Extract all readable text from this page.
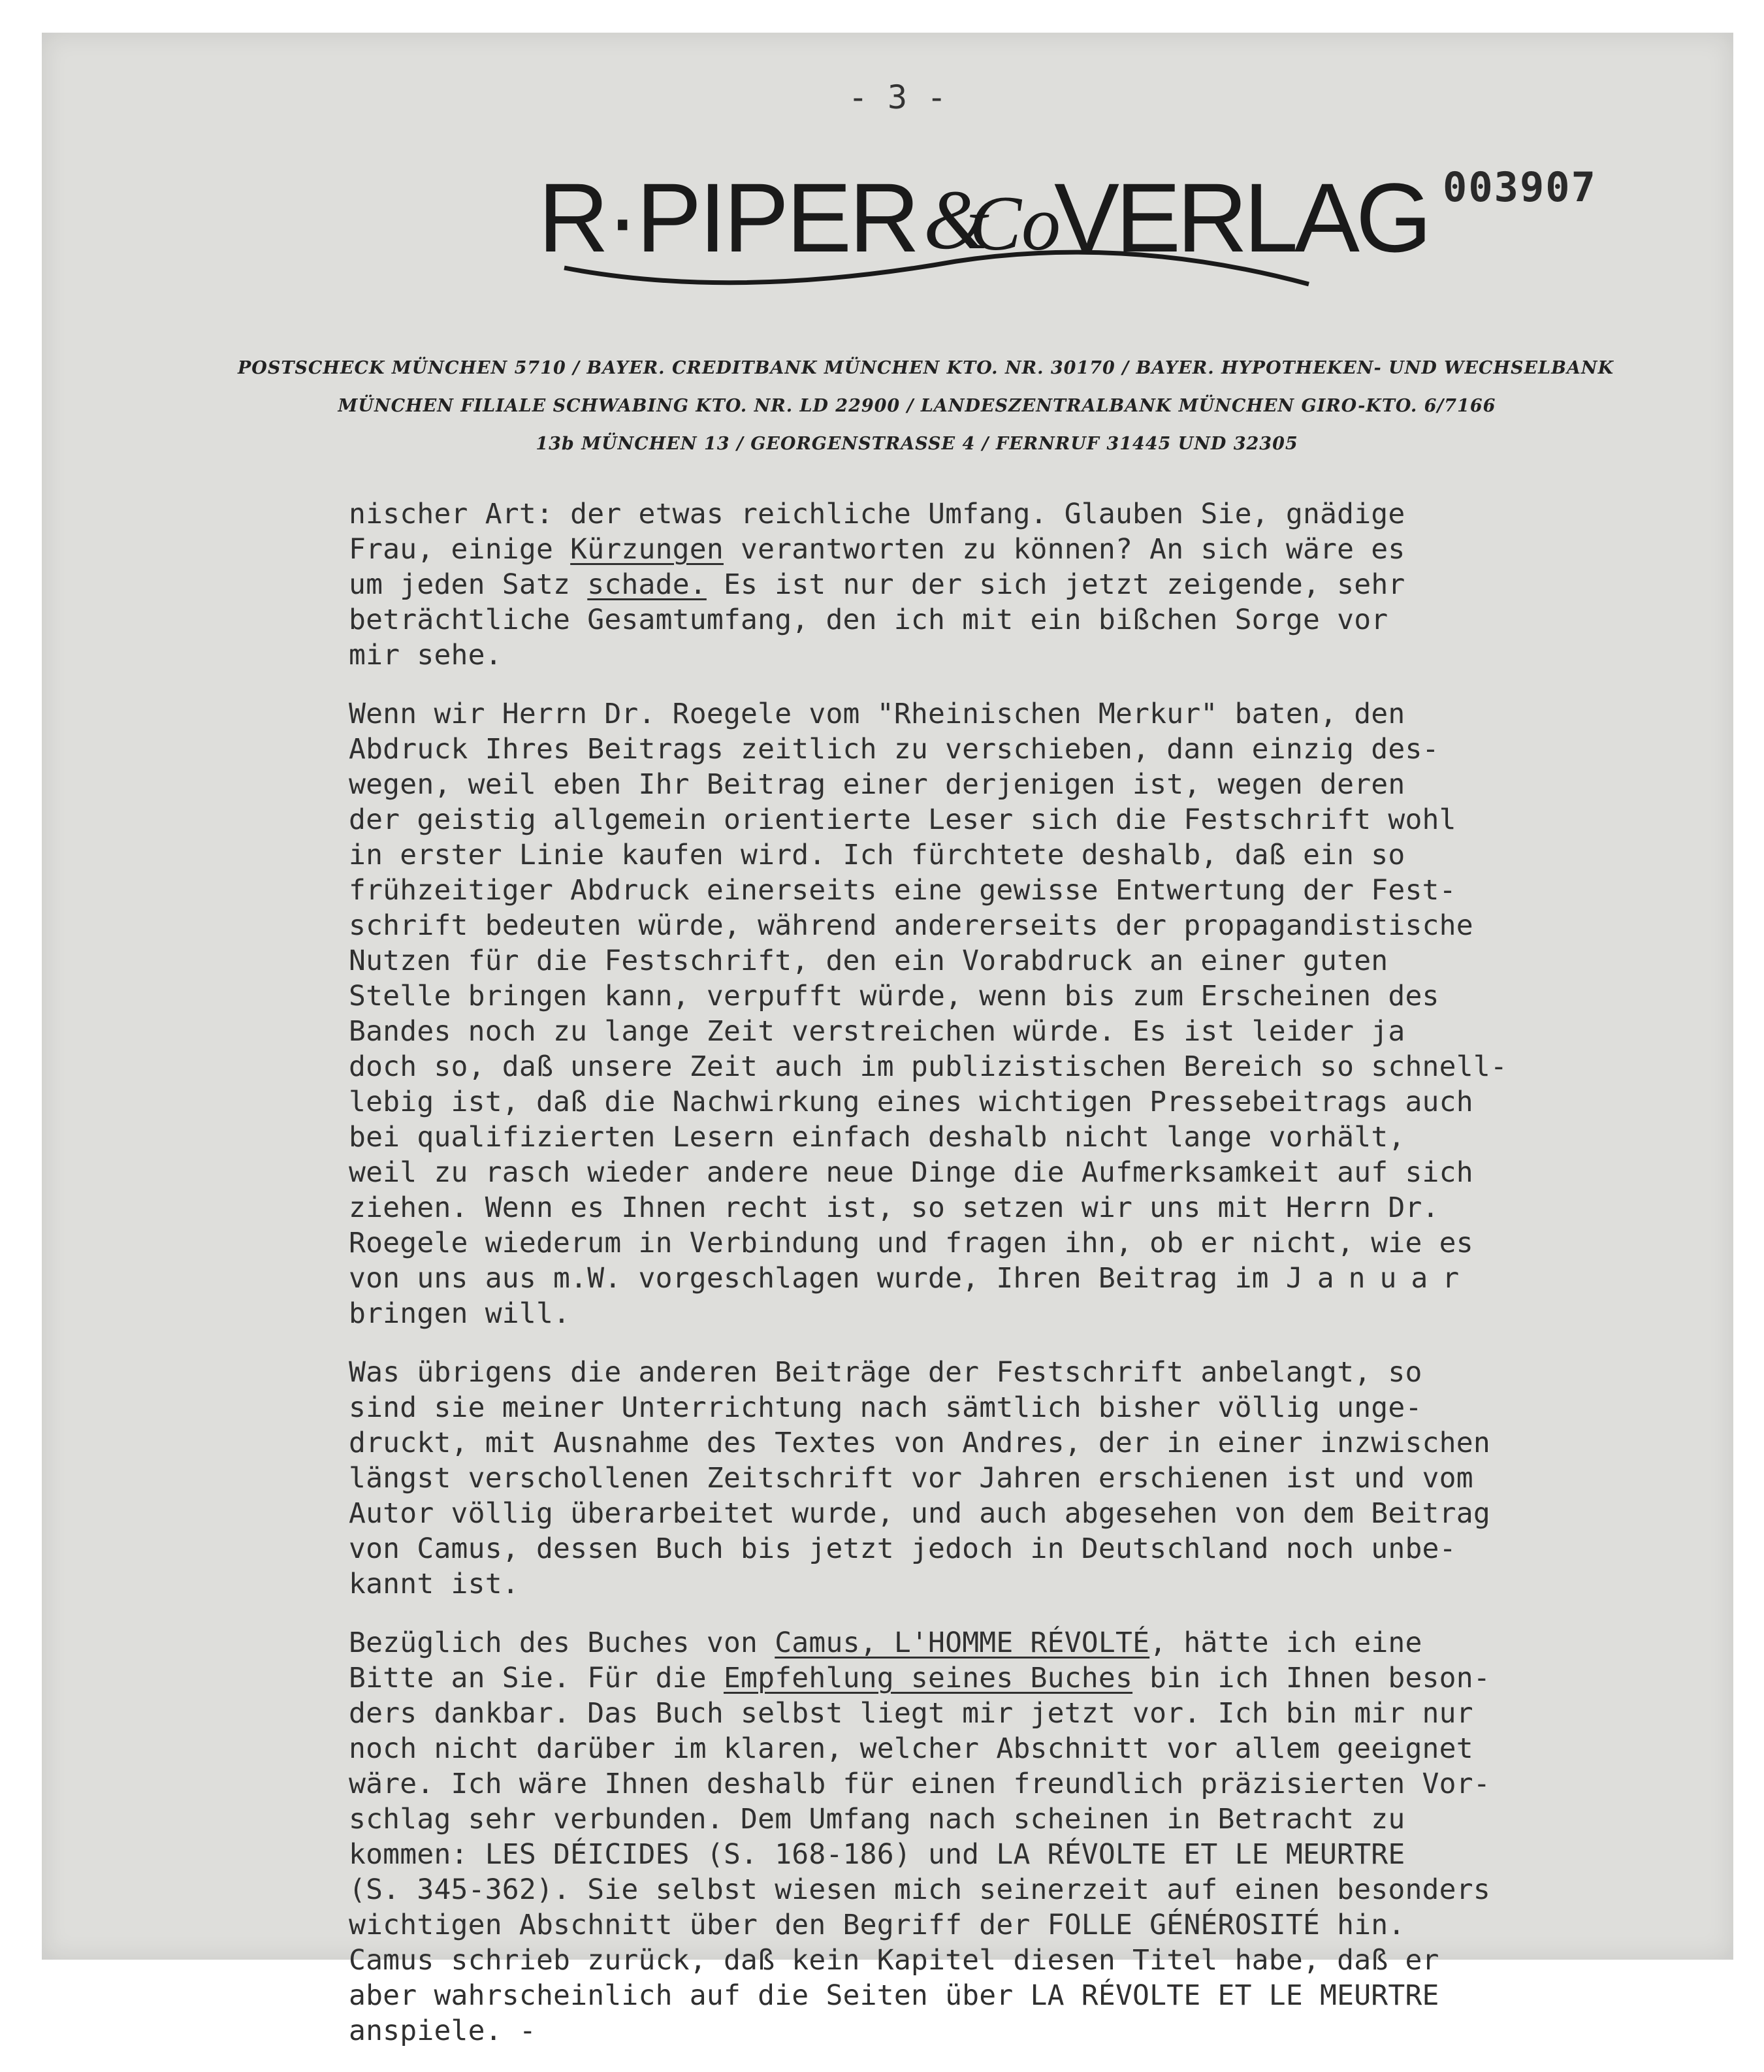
- 3 -
R·PIPER &
Co
VERLAG 003907
POSTSCHECK MÜNCHEN 5710 / BAYER. CREDITBANK MÜNCHEN KTO. NR. 30170 / BAYER. HYPOTHEKEN- UND WECHSELBANK
MÜNCHEN FILIALE SCHWABING KTO. NR. LD 22900 / LANDESZENTRALBANK MÜNCHEN GIRO-KTO. 6/7166
13b MÜNCHEN 13 / GEORGENSTRASSE 4 / FERNRUF 31445 UND 32305
nischer Art: der etwas reichliche Umfang. Glauben Sie, gnädige
Frau, einige Kürzungen verantworten zu können? An sich wäre es
um jeden Satz schade. Es ist nur der sich jetzt zeigende, sehr
beträchtliche Gesamtumfang, den ich mit ein bißchen Sorge vor
mir sehe.
Wenn wir Herrn Dr. Roegele vom "Rheinischen Merkur" baten, den
Abdruck Ihres Beitrags zeitlich zu verschieben, dann einzig des-
wegen, weil eben Ihr Beitrag einer derjenigen ist, wegen deren
der geistig allgemein orientierte Leser sich die Festschrift wohl
in erster Linie kaufen wird. Ich fürchtete deshalb, daß ein so
frühzeitiger Abdruck einerseits eine gewisse Entwertung der Fest-
schrift bedeuten würde, während andererseits der propagandistische
Nutzen für die Festschrift, den ein Vorabdruck an einer guten
Stelle bringen kann, verpufft würde, wenn bis zum Erscheinen des
Bandes noch zu lange Zeit verstreichen würde. Es ist leider ja
doch so, daß unsere Zeit auch im publizistischen Bereich so schnell-
lebig ist, daß die Nachwirkung eines wichtigen Pressebeitrags auch
bei qualifizierten Lesern einfach deshalb nicht lange vorhält,
weil zu rasch wieder andere neue Dinge die Aufmerksamkeit auf sich
ziehen. Wenn es Ihnen recht ist, so setzen wir uns mit Herrn Dr.
Roegele wiederum in Verbindung und fragen ihn, ob er nicht, wie es
von uns aus m.W. vorgeschlagen wurde, Ihren Beitrag im Januar
bringen will.
Was übrigens die anderen Beiträge der Festschrift anbelangt, so
sind sie meiner Unterrichtung nach sämtlich bisher völlig unge-
druckt, mit Ausnahme des Textes von Andres, der in einer inzwischen
längst verschollenen Zeitschrift vor Jahren erschienen ist und vom
Autor völlig überarbeitet wurde, und auch abgesehen von dem Beitrag
von Camus, dessen Buch bis jetzt jedoch in Deutschland noch unbe-
kannt ist.
Bezüglich des Buches von Camus, L'HOMME RÉVOLTÉ, hätte ich eine
Bitte an Sie. Für die Empfehlung seines Buches bin ich Ihnen beson-
ders dankbar. Das Buch selbst liegt mir jetzt vor. Ich bin mir nur
noch nicht darüber im klaren, welcher Abschnitt vor allem geeignet
wäre. Ich wäre Ihnen deshalb für einen freundlich präzisierten Vor-
schlag sehr verbunden. Dem Umfang nach scheinen in Betracht zu
kommen: LES DÉICIDES (S. 168-186) und LA RÉVOLTE ET LE MEURTRE
(S. 345-362). Sie selbst wiesen mich seinerzeit auf einen besonders
wichtigen Abschnitt über den Begriff der FOLLE GÉNÉROSITÉ hin.
Camus schrieb zurück, daß kein Kapitel diesen Titel habe, daß er
aber wahrscheinlich auf die Seiten über LA RÉVOLTE ET LE MEURTRE
anspiele. -
